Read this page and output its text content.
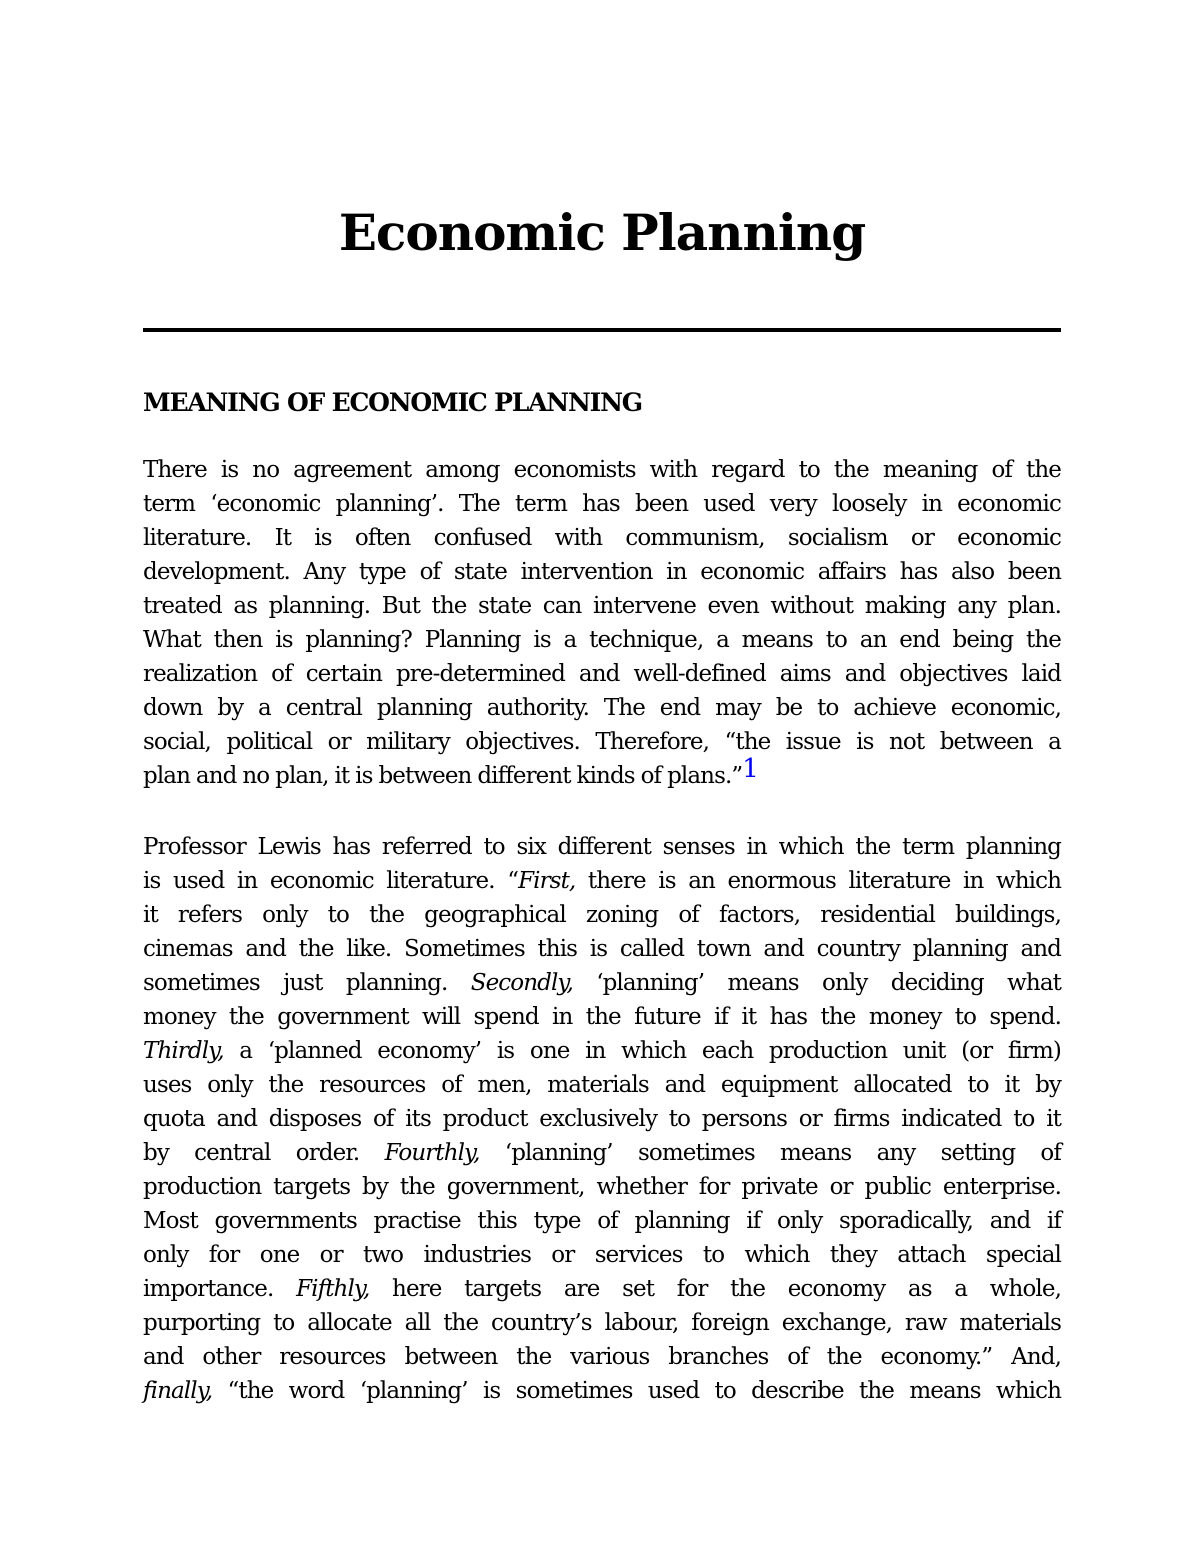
Economic Planning
MEANING OF ECONOMIC PLANNING

There is no agreement among economists with regard to the meaning of the
term ‘economic planning’. The term has been used very loosely in economic
literature. It is often confused with communism, socialism or economic
development. Any type of state intervention in economic affairs has also been
treated as planning. But the state can intervene even without making any plan.
What then is planning? Planning is a technique, a means to an end being the
realization of certain pre-determined and well-defined aims and objectives laid
down by a central planning authority. The end may be to achieve economic,
social, political or military objectives. Therefore, “the issue is not between a
plan and no plan, it is between different kinds of plans.”1

Professor Lewis has referred to six different senses in which the term planning
is used in economic literature. “First, there is an enormous literature in which
it refers only to the geographical zoning of factors, residential buildings,
cinemas and the like. Sometimes this is called town and country planning and
sometimes just planning. Secondly, ‘planning’ means only deciding what
money the government will spend in the future if it has the money to spend.
Thirdly, a ‘planned economy’ is one in which each production unit (or firm)
uses only the resources of men, materials and equipment allocated to it by
quota and disposes of its product exclusively to persons or firms indicated to it
by central order. Fourthly, ‘planning’ sometimes means any setting of
production targets by the government, whether for private or public enterprise.
Most governments practise this type of planning if only sporadically, and if
only for one or two industries or services to which they attach special
importance. Fifthly, here targets are set for the economy as a whole,
purporting to allocate all the country’s labour, foreign exchange, raw materials
and other resources between the various branches of the economy.” And,
finally, “the word ‘planning’ is sometimes used to describe the means which
